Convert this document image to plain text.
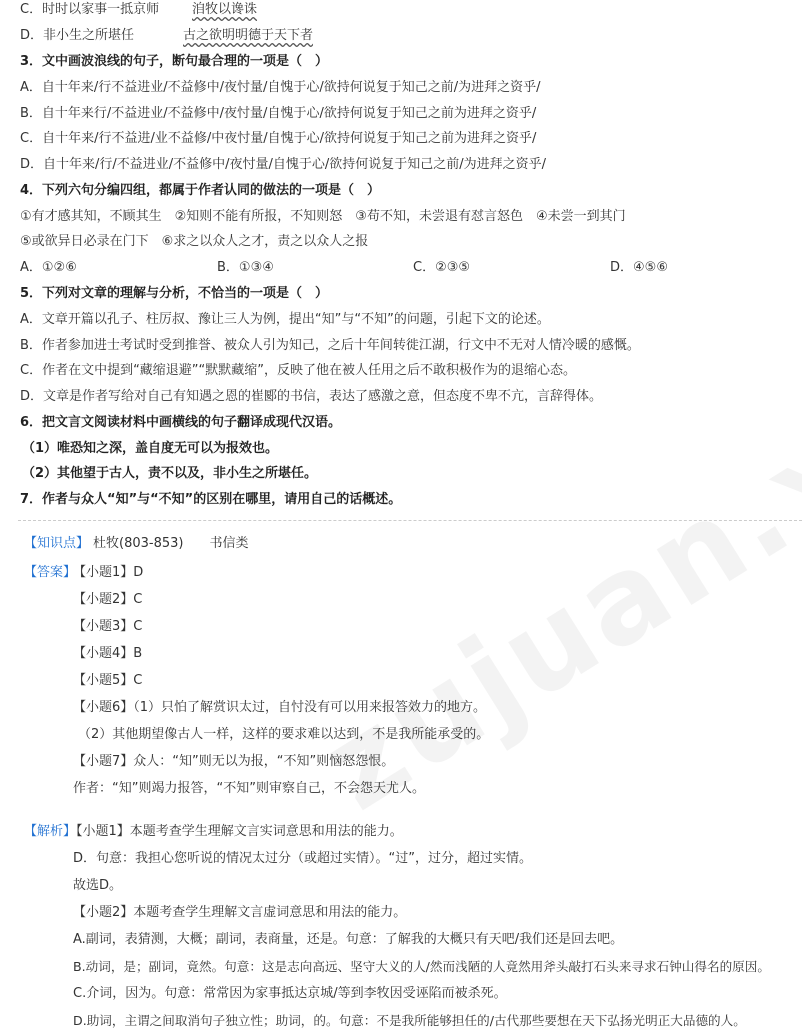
C．时时以家事一抵京师	洎牧以谗诛
D．非小生之所堪任	古之欲明明德于天下者
3．文中画波浪线的句子，断句最合理的一项是（　）
A．自十年来/行不益进业/不益修中/夜忖量/自愧于心/欲持何说复于知己之前/为进拜之资乎/
B．自十年来行/不益进业/不益修中/夜忖量/自愧于心/欲持何说复于知己之前为进拜之资乎/
C．自十年来/行不益进/业不益修/中夜忖量/自愧于心/欲持何说复于知己之前为进拜之资乎/
D．自十年来/行/不益进业/不益修中/夜忖量/自愧于心/欲持何说复于知己之前/为进拜之资乎/
4．下列六句分编四组，都属于作者认同的做法的一项是（　）
①有才感其知，不顾其生　②知则不能有所报，不知则怒　③苟不知，未尝退有怼言怒色　④未尝一到其门
⑤或欲异日必录在门下　⑥求之以众人之才，责之以众人之报
A．①②⑥	B．①③④	C．②③⑤	D．④⑤⑥
5．下列对文章的理解与分析，不恰当的一项是（　）
A．文章开篇以孔子、柱厉叔、豫让三人为例，提出“知”与“不知”的问题，引起下文的论述。
B．作者参加进士考试时受到推誉、被众人引为知己，之后十年间转徙江湖，行文中不无对人情冷暖的感慨。
C．作者在文中提到“藏缩退避”“默默藏缩”，反映了他在被人任用之后不敢积极作为的退缩心态。
D．文章是作者写给对自己有知遇之恩的崔郾的书信，表达了感激之意，但态度不卑不亢，言辞得体。
6．把文言文阅读材料中画横线的句子翻译成现代汉语。
（1）唯恐知之深，盖自度无可以为报效也。
（2）其他望于古人，责不以及，非小生之所堪任。
7．作者与众人“知”与“不知”的区别在哪里，请用自己的话概述。
【知识点】 杜牧(803-853)　　书信类
【答案】
【小题1】D
【小题2】C
【小题3】C
【小题4】B
【小题5】C
【小题6】（1）只怕了解赏识太过，自忖没有可以用来报答效力的地方。
（2）其他期望像古人一样，这样的要求难以达到，不是我所能承受的。
【小题7】众人：“知”则无以为报，“不知”则恼怒怨恨。
作者：“知”则竭力报答，“不知”则审察自己，不会怨天尤人。
【解析】【小题1】本题考查学生理解文言实词意思和用法的能力。
D．句意：我担心您听说的情况太过分（或超过实情）。“过”，过分，超过实情。
故选D。
【小题2】本题考查学生理解文言虚词意思和用法的能力。
A.副词，表猜测，大概；副词，表商量，还是。句意：了解我的大概只有天吧/我们还是回去吧。
B.动词，是；副词，竟然。句意：这是志向高远、坚守大义的人/然而浅陋的人竟然用斧头敲打石头来寻求石钟山得名的原因。
C.介词，因为。句意：常常因为家事抵达京城/等到李牧因受诬陷而被杀死。
D.助词，主谓之间取消句子独立性；助词，的。句意：不是我所能够担任的/古代那些要想在天下弘扬光明正大品德的人。
